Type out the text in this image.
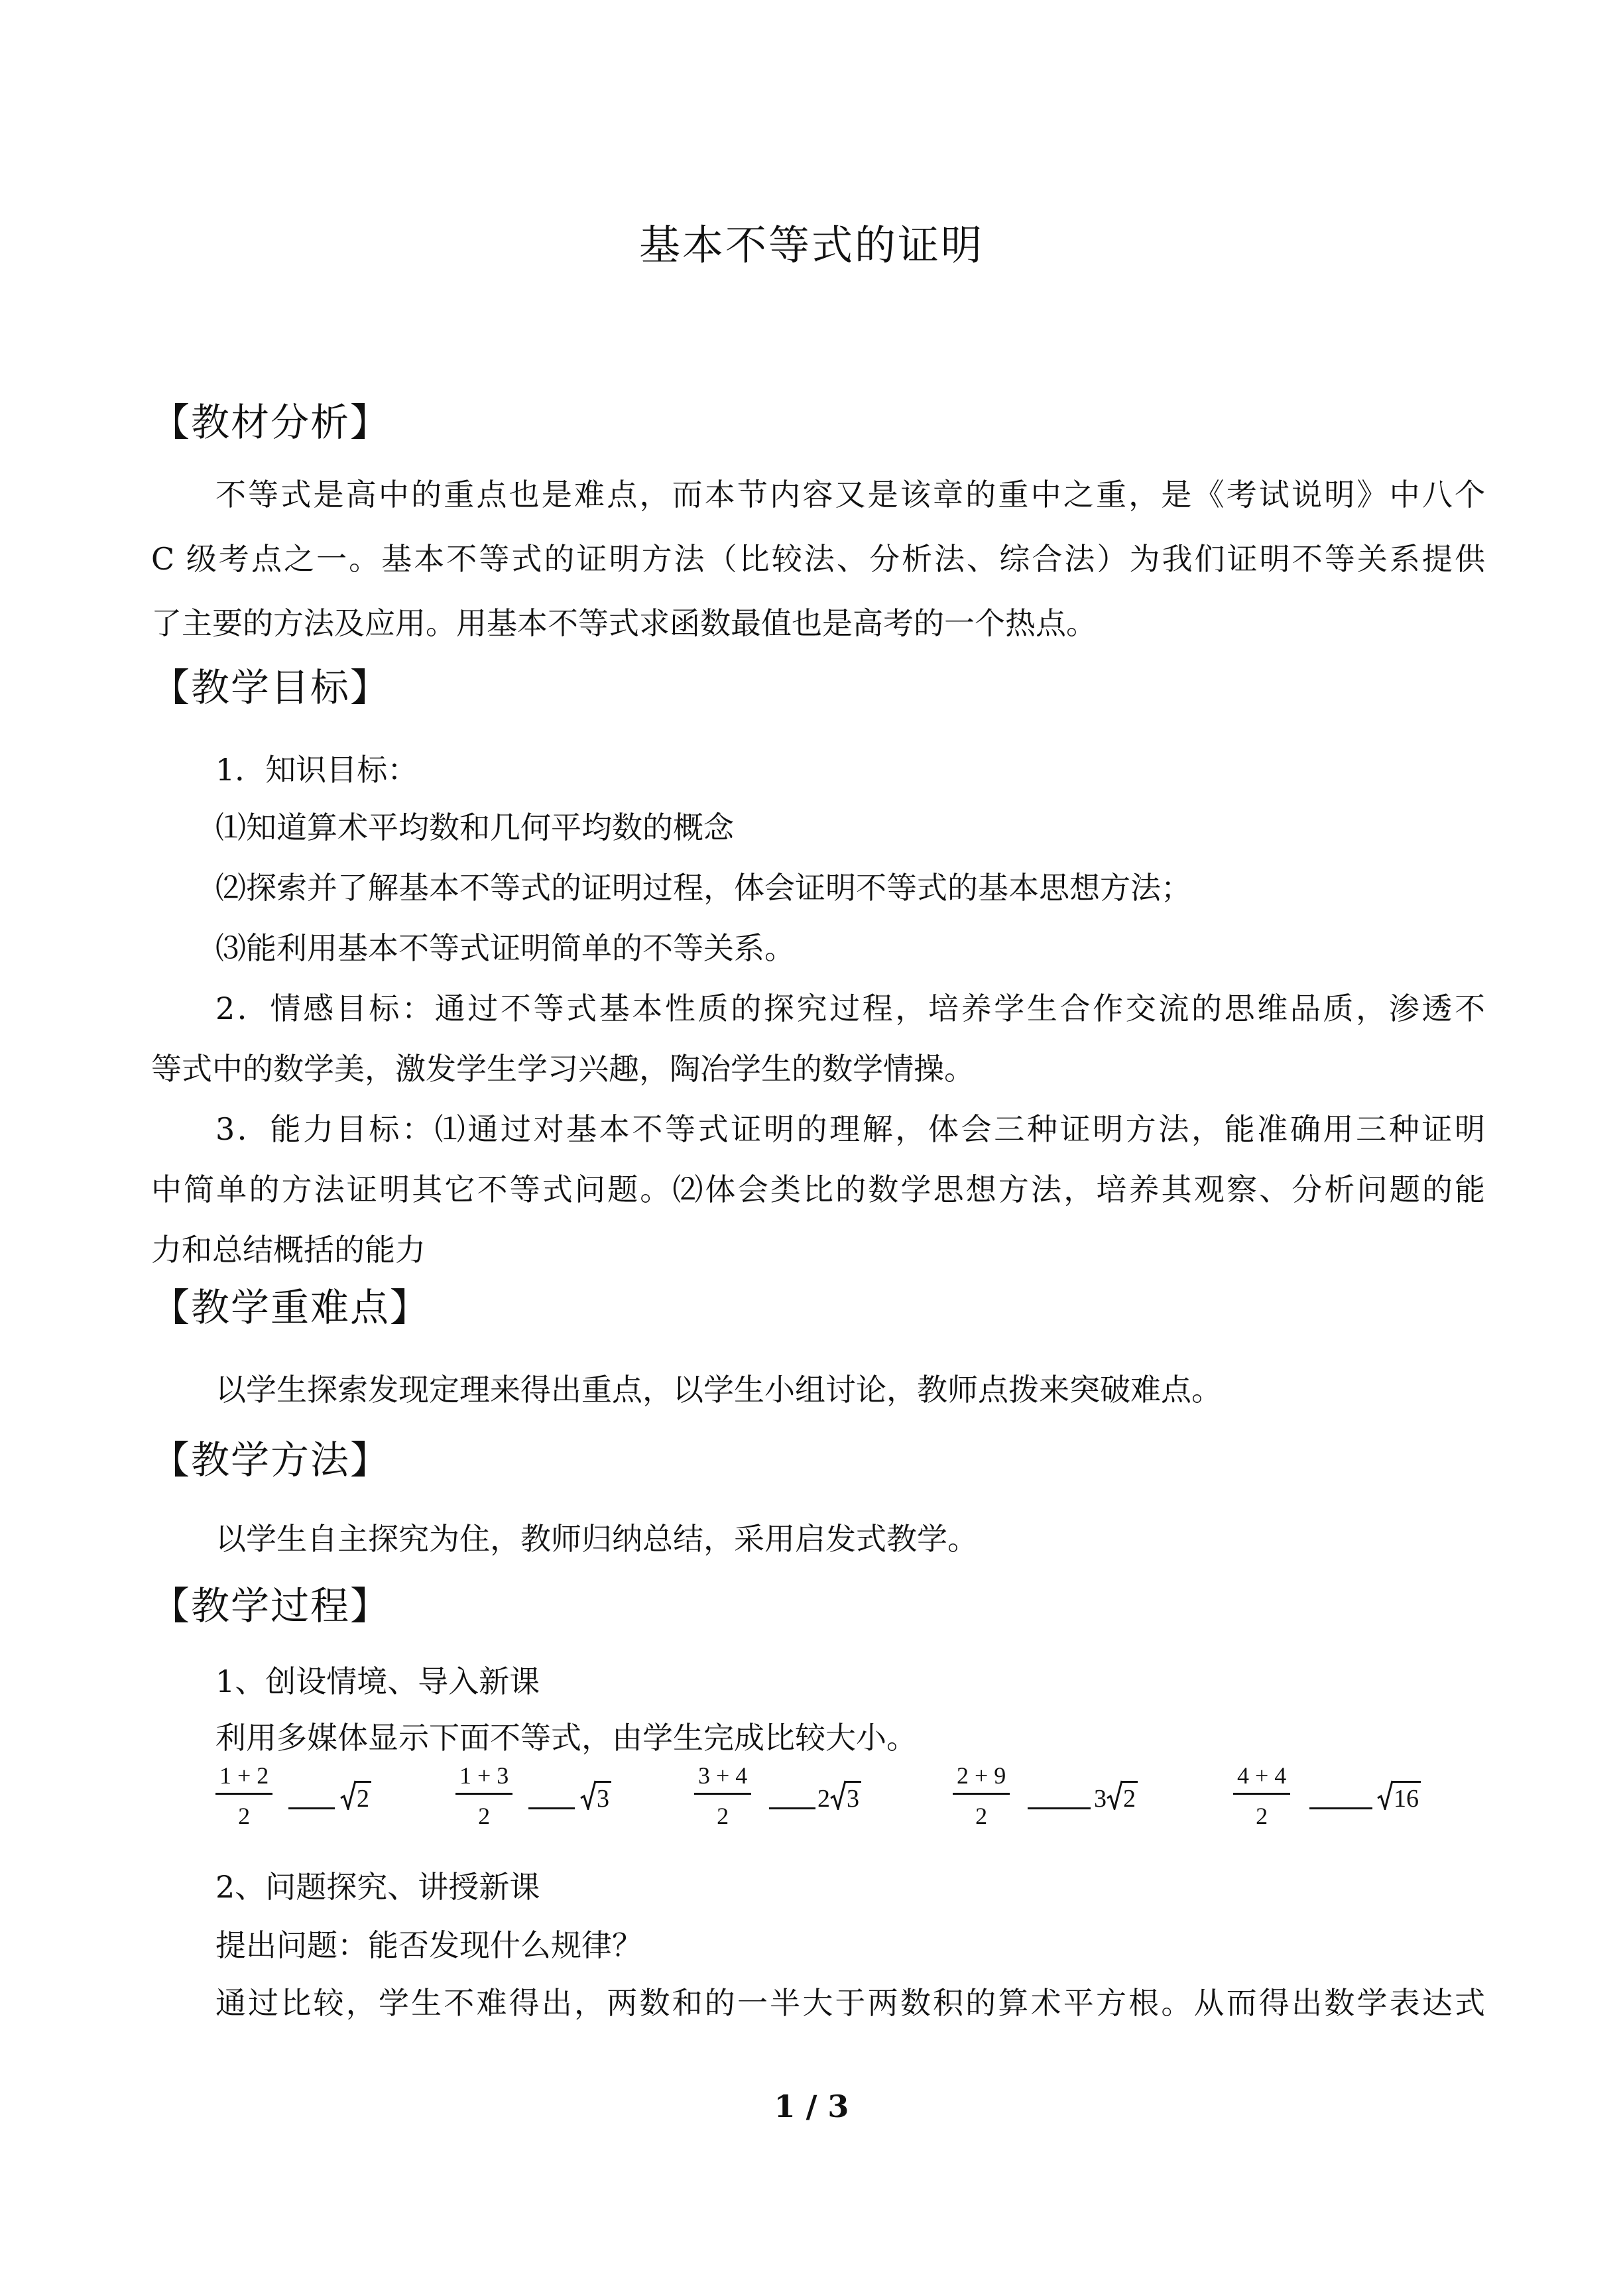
基本不等式的证明
【教材分析】
不等式是高中的重点也是难点，而本节内容又是该章的重中之重，是《考试说明》中八个
C 级考点之一。基本不等式的证明方法（比较法、分析法、综合法）为我们证明不等关系提供
了主要的方法及应用。用基本不等式求函数最值也是高考的一个热点。
【教学目标】
1．知识目标：
⑴知道算术平均数和几何平均数的概念
⑵探索并了解基本不等式的证明过程，体会证明不等式的基本思想方法；
⑶能利用基本不等式证明简单的不等关系。
2．情感目标：通过不等式基本性质的探究过程，培养学生合作交流的思维品质，渗透不
等式中的数学美，激发学生学习兴趣，陶冶学生的数学情操。
3．能力目标：⑴通过对基本不等式证明的理解，体会三种证明方法，能准确用三种证明
中简单的方法证明其它不等式问题。⑵体会类比的数学思想方法，培养其观察、分析问题的能
力和总结概括的能力
【教学重难点】
以学生探索发现定理来得出重点，以学生小组讨论，教师点拨来突破难点。
【教学方法】
以学生自主探究为住，教师归纳总结，采用启发式教学。
【教学过程】
1、创设情境、导入新课
利用多媒体显示下面不等式，由学生完成比较大小。
$\frac{1 + 2}{2}$	2	$\frac{1 + 3}{2}$	3	$\frac{3 + 4}{2}$	2 3	$\frac{2 + 9}{2}$	3 2	$\frac{4 + 4}{2}$	16
2、问题探究、讲授新课
提出问题：能否发现什么规律？
通过比较，学生不难得出，两数和的一半大于两数积的算术平方根。从而得出数学表达式
1 / 3
